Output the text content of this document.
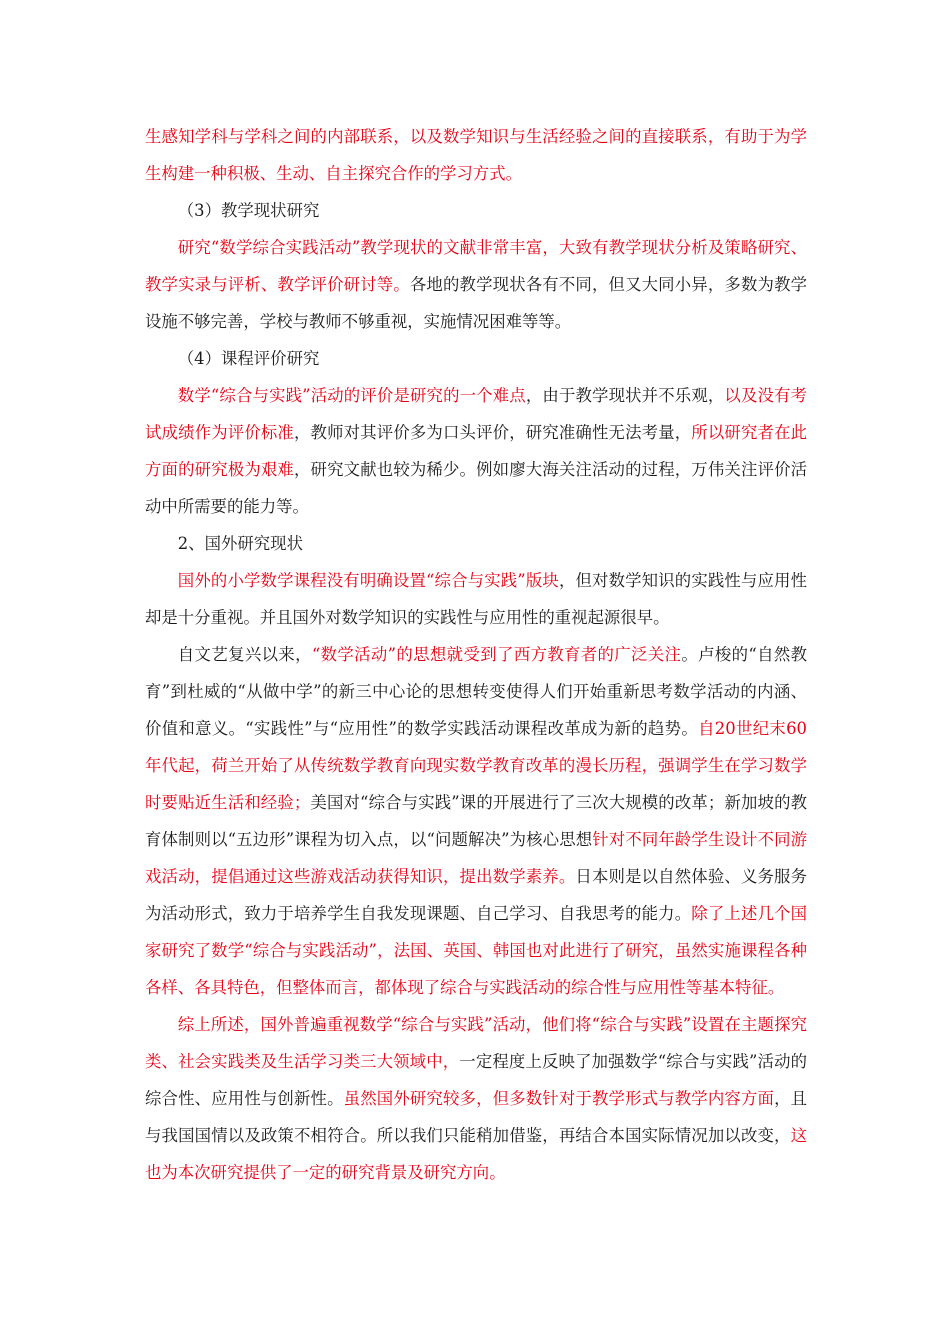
生感知学科与学科之间的内部联系，以及数学知识与生活经验之间的直接联系，有助于为学生构建一种积极、生动、自主探究合作的学习方式。

（3）教学现状研究

研究“数学综合实践活动”教学现状的文献非常丰富，大致有教学现状分析及策略研究、教学实录与评析、教学评价研讨等。各地的教学现状各有不同，但又大同小异，多数为教学设施不够完善，学校与教师不够重视，实施情况困难等等。

（4）课程评价研究

数学“综合与实践”活动的评价是研究的一个难点，由于教学现状并不乐观，以及没有考试成绩作为评价标准，教师对其评价多为口头评价，研究准确性无法考量，所以研究者在此方面的研究极为艰难，研究文献也较为稀少。例如廖大海关注活动的过程，万伟关注评价活动中所需要的能力等。

2、国外研究现状

国外的小学数学课程没有明确设置“综合与实践”版块，但对数学知识的实践性与应用性却是十分重视。并且国外对数学知识的实践性与应用性的重视起源很早。

自文艺复兴以来，“数学活动”的思想就受到了西方教育者的广泛关注。卢梭的“自然教育”到杜威的“从做中学”的新三中心论的思想转变使得人们开始重新思考数学活动的内涵、价值和意义。“实践性”与“应用性”的数学实践活动课程改革成为新的趋势。自20世纪末60年代起，荷兰开始了从传统数学教育向现实数学教育改革的漫长历程，强调学生在学习数学时要贴近生活和经验；美国对“综合与实践”课的开展进行了三次大规模的改革；新加坡的教育体制则以“五边形”课程为切入点，以“问题解决”为核心思想针对不同年龄学生设计不同游戏活动，提倡通过这些游戏活动获得知识，提出数学素养。日本则是以自然体验、义务服务为活动形式，致力于培养学生自我发现课题、自己学习、自我思考的能力。除了上述几个国家研究了数学“综合与实践活动”，法国、英国、韩国也对此进行了研究，虽然实施课程各种各样、各具特色，但整体而言，都体现了综合与实践活动的综合性与应用性等基本特征。

综上所述，国外普遍重视数学“综合与实践”活动，他们将“综合与实践”设置在主题探究类、社会实践类及生活学习类三大领域中，一定程度上反映了加强数学“综合与实践”活动的综合性、应用性与创新性。虽然国外研究较多，但多数针对于教学形式与教学内容方面，且与我国国情以及政策不相符合。所以我们只能稍加借鉴，再结合本国实际情况加以改变，这也为本次研究提供了一定的研究背景及研究方向。
